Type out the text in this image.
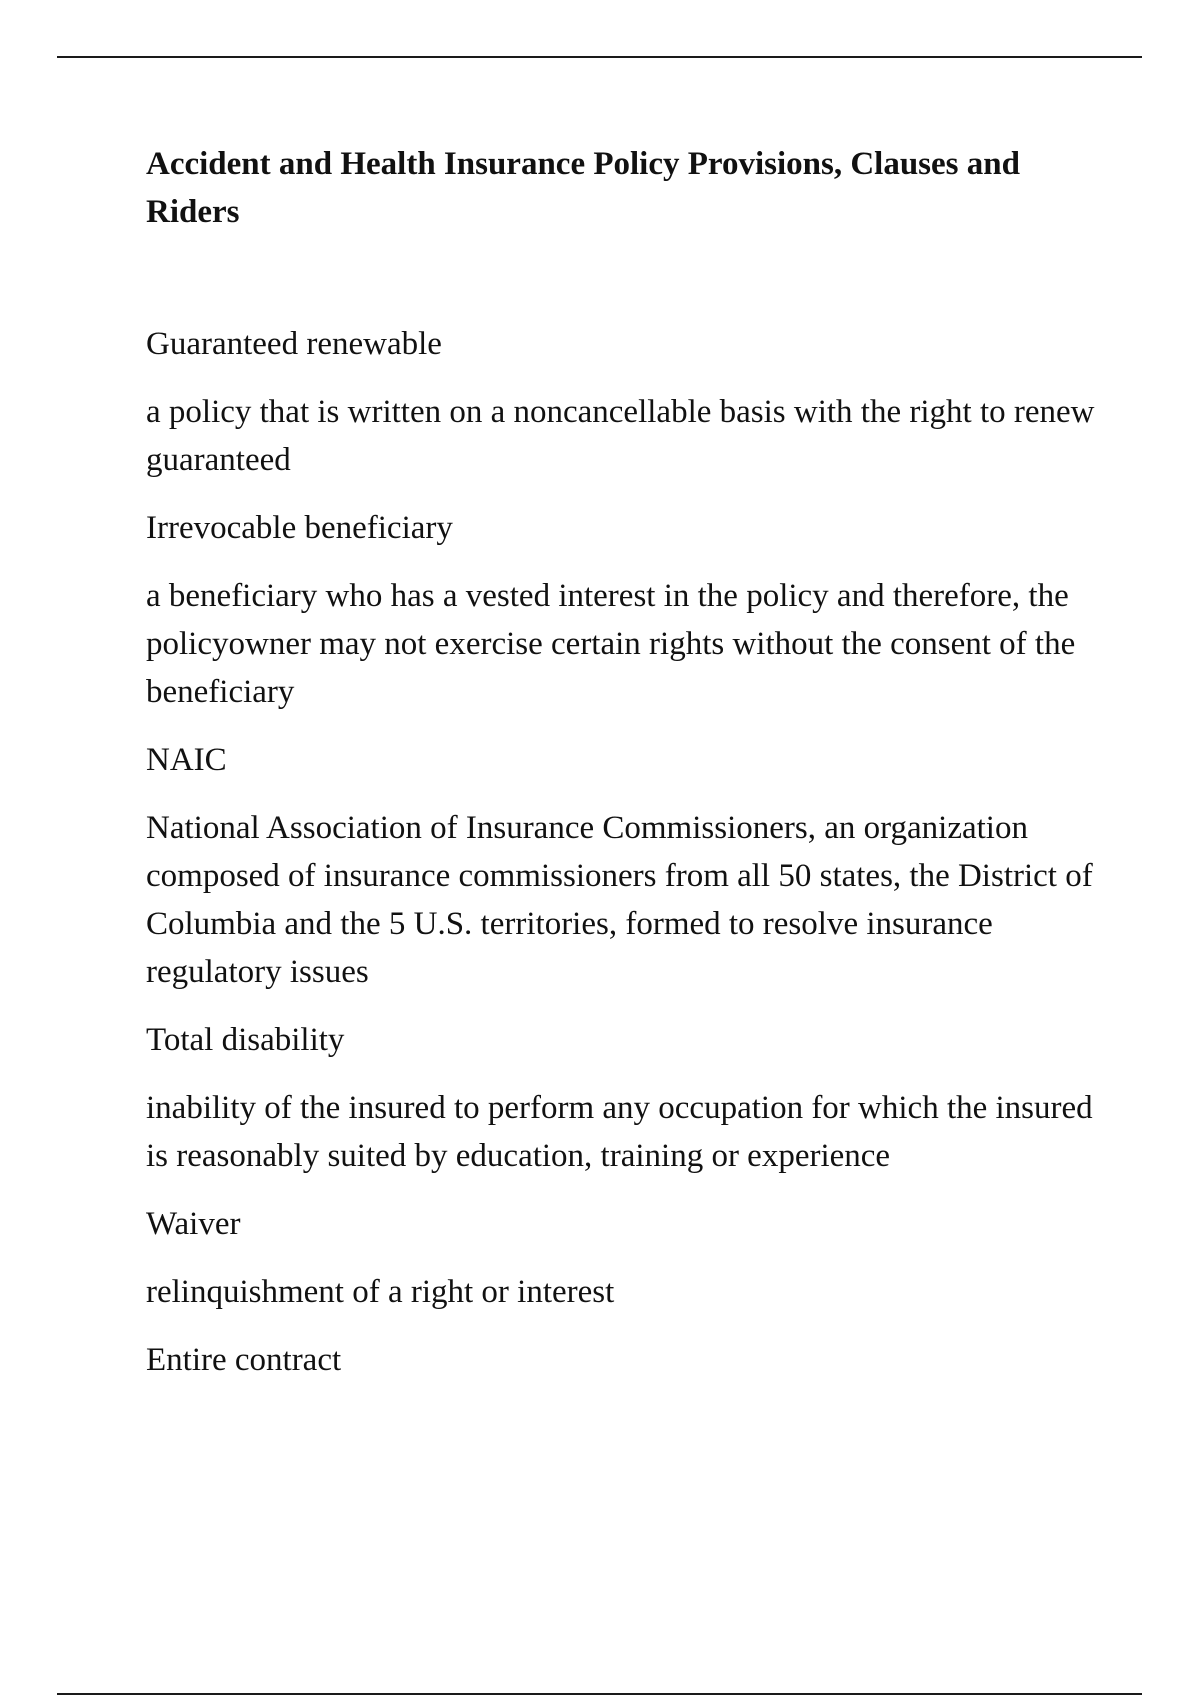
Accident and Health Insurance Policy Provisions, Clauses and Riders

Guaranteed renewable

a policy that is written on a noncancellable basis with the right to renew guaranteed

Irrevocable beneficiary

a beneficiary who has a vested interest in the policy and therefore, the policyowner may not exercise certain rights without the consent of the beneficiary

NAIC

National Association of Insurance Commissioners, an organization composed of insurance commissioners from all 50 states, the District of Columbia and the 5 U.S. territories, formed to resolve insurance regulatory issues

Total disability

inability of the insured to perform any occupation for which the insured is reasonably suited by education, training or experience

Waiver

relinquishment of a right or interest

Entire contract
